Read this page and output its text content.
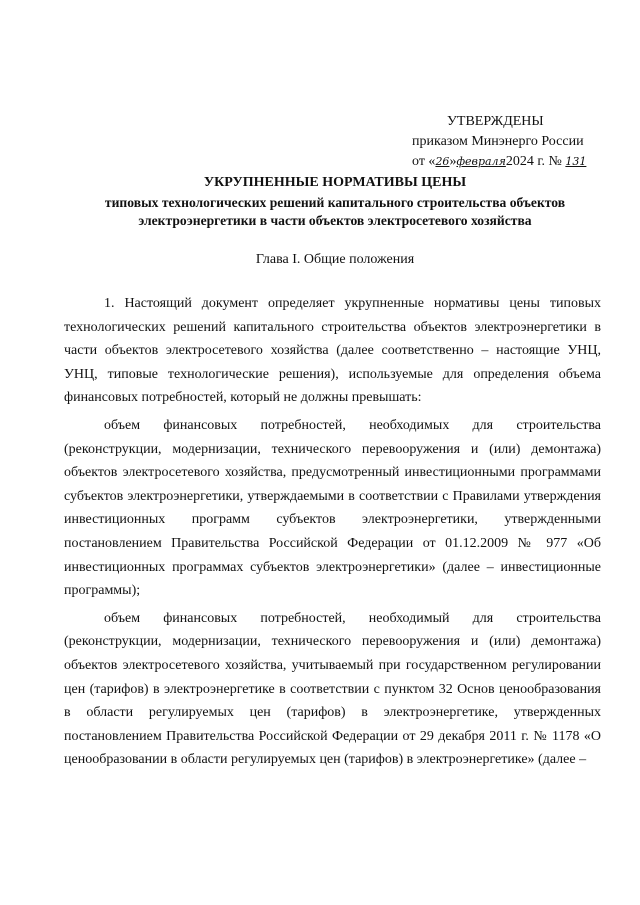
УТВЕРЖДЕНЫ
приказом Минэнерго России
от «26»февраля2024 г. № 131
УКРУПНЕННЫЕ НОРМАТИВЫ ЦЕНЫ
типовых технологических решений капитального строительства объектов
электроэнергетики в части объектов электросетевого хозяйства
Глава I. Общие положения

1. Настоящий документ определяет укрупненные нормативы цены типовых технологических решений капитального строительства объектов электроэнергетики в части объектов электросетевого хозяйства (далее соответственно – настоящие УНЦ, УНЦ, типовые технологические решения), используемые для определения объема финансовых потребностей, который не должны превышать:

объем финансовых потребностей, необходимых для строительства (реконструкции, модернизации, технического перевооружения и (или) демонтажа) объектов электросетевого хозяйства, предусмотренный инвестиционными программами субъектов электроэнергетики, утверждаемыми в соответствии с Правилами утверждения инвестиционных программ субъектов электроэнергетики, утвержденными постановлением Правительства Российской Федерации от 01.12.2009 № 977 «Об инвестиционных программах субъектов электроэнергетики» (далее – инвестиционные программы);

объем финансовых потребностей, необходимый для строительства (реконструкции, модернизации, технического перевооружения и (или) демонтажа) объектов электросетевого хозяйства, учитываемый при государственном регулировании цен (тарифов) в электроэнергетике в соответствии с пунктом 32 Основ ценообразования в области регулируемых цен (тарифов) в электроэнергетике, утвержденных постановлением Правительства Российской Федерации от 29 декабря 2011 г. № 1178 «О ценообразовании в области регулируемых цен (тарифов) в электроэнергетике» (далее –
